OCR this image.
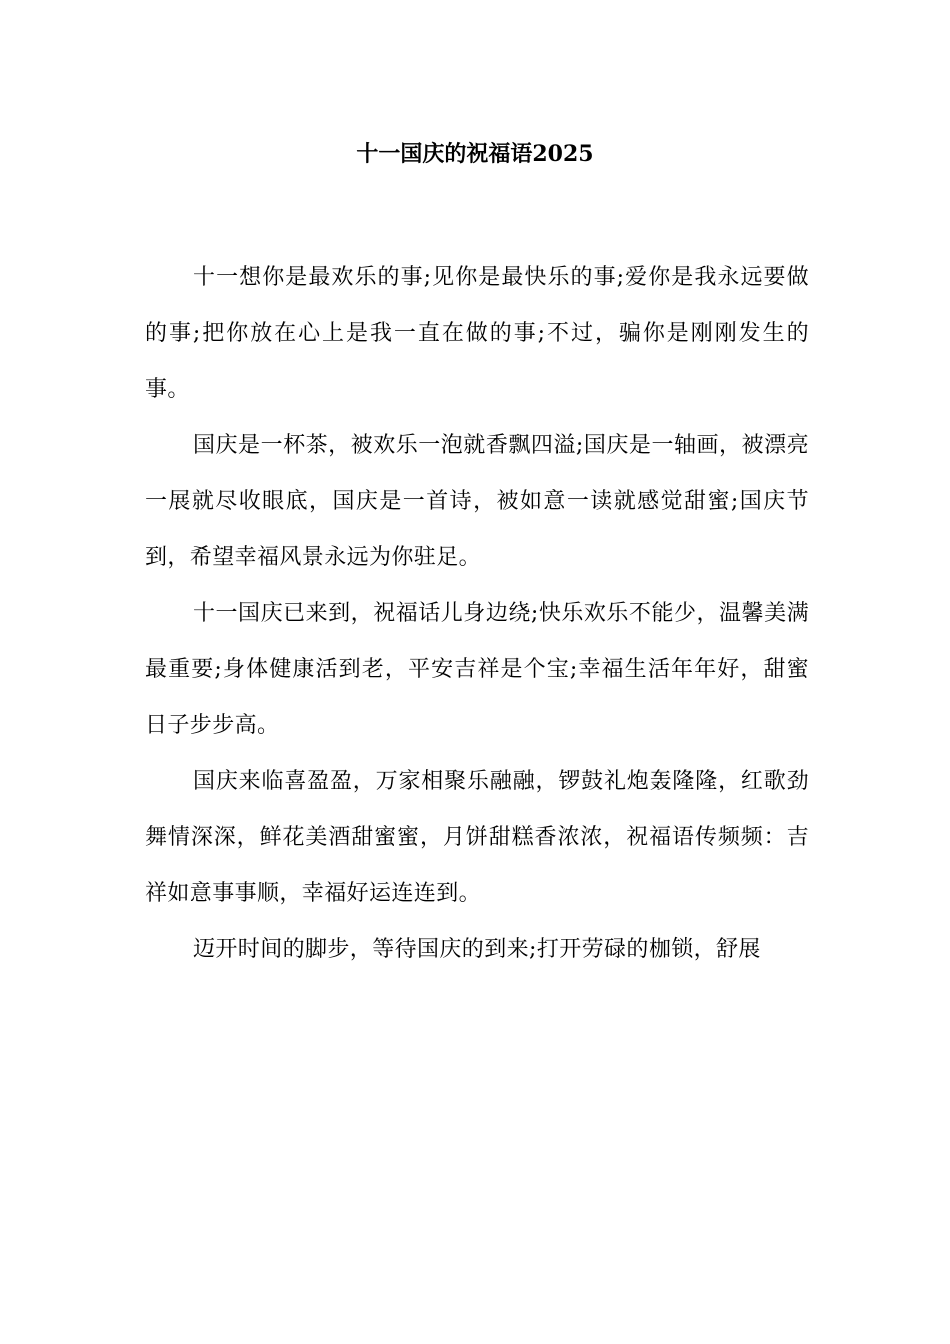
十一国庆的祝福语2025

十一想你是最欢乐的事;见你是最快乐的事;爱你是我永远要做的事;把你放在心上是我一直在做的事;不过，骗你是刚刚发生的事。

国庆是一杯茶，被欢乐一泡就香飘四溢;国庆是一轴画，被漂亮一展就尽收眼底，国庆是一首诗，被如意一读就感觉甜蜜;国庆节到，希望幸福风景永远为你驻足。

十一国庆已来到，祝福话儿身边绕;快乐欢乐不能少，温馨美满最重要;身体健康活到老，平安吉祥是个宝;幸福生活年年好，甜蜜日子步步高。

国庆来临喜盈盈，万家相聚乐融融，锣鼓礼炮轰隆隆，红歌劲舞情深深，鲜花美酒甜蜜蜜，月饼甜糕香浓浓，祝福语传频频：吉祥如意事事顺，幸福好运连连到。

迈开时间的脚步，等待国庆的到来;打开劳碌的枷锁，舒展
